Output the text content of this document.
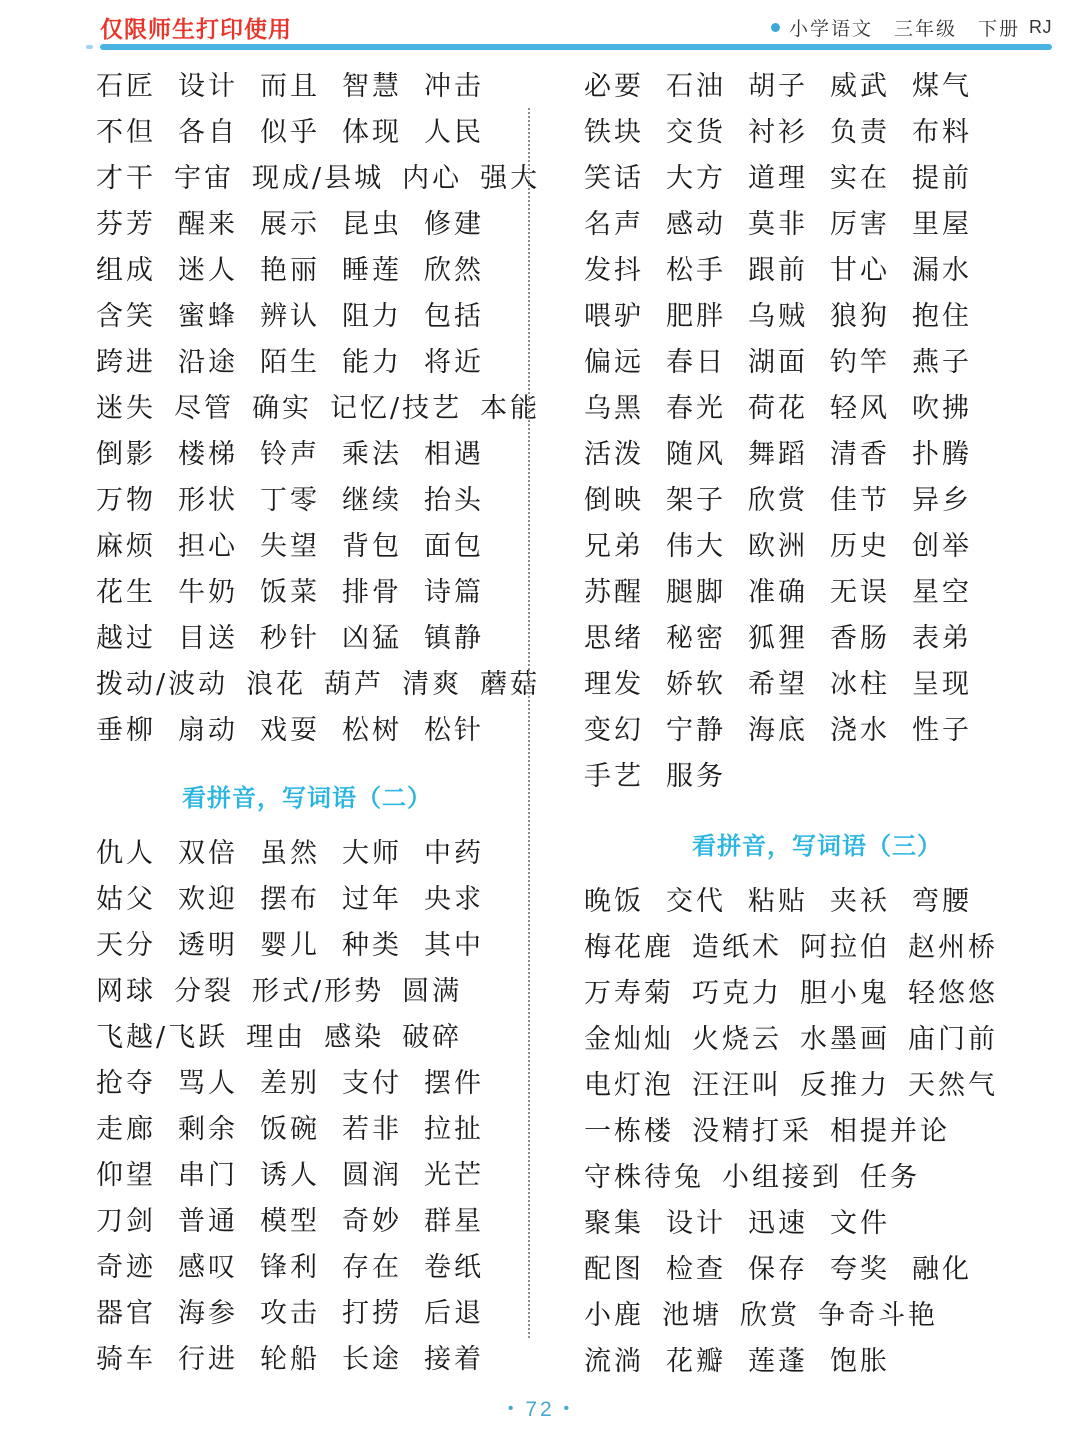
仅限师生打印使用	小学语文　三年级　下册 RJ
石匠 设计 而且 智慧 冲击
不但 各自 似乎 体现 人民
才干 宇宙 现成/县城 内心 强大
芬芳 醒来 展示 昆虫 修建
组成 迷人 艳丽 睡莲 欣然
含笑 蜜蜂 辨认 阻力 包括
跨进 沿途 陌生 能力 将近
迷失 尽管 确实 记忆/技艺 本能
倒影 楼梯 铃声 乘法 相遇
万物 形状 丁零 继续 抬头
麻烦 担心 失望 背包 面包
花生 牛奶 饭菜 排骨 诗篇
越过 目送 秒针 凶猛 镇静
拨动/波动 浪花 葫芦 清爽 蘑菇
垂柳 扇动 戏耍 松树 松针
看拼音，写词语（二）
仇人 双倍 虽然 大师 中药
姑父 欢迎 摆布 过年 央求
天分 透明 婴儿 种类 其中
网球 分裂 形式/形势 圆满
飞越/飞跃 理由 感染 破碎
抢夺 骂人 差别 支付 摆件
走廊 剩余 饭碗 若非 拉扯
仰望 串门 诱人 圆润 光芒
刀剑 普通 模型 奇妙 群星
奇迹 感叹 锋利 存在 卷纸
器官 海参 攻击 打捞 后退
骑车 行进 轮船 长途 接着
必要 石油 胡子 威武 煤气
铁块 交货 衬衫 负责 布料
笑话 大方 道理 实在 提前
名声 感动 莫非 厉害 里屋
发抖 松手 跟前 甘心 漏水
喂驴 肥胖 乌贼 狼狗 抱住
偏远 春日 湖面 钓竿 燕子
乌黑 春光 荷花 轻风 吹拂
活泼 随风 舞蹈 清香 扑腾
倒映 架子 欣赏 佳节 异乡
兄弟 伟大 欧洲 历史 创举
苏醒 腿脚 准确 无误 星空
思绪 秘密 狐狸 香肠 表弟
理发 娇软 希望 冰柱 呈现
变幻 宁静 海底 浇水 性子
手艺 服务
看拼音，写词语（三）
晚饭 交代 粘贴 夹袄 弯腰
梅花鹿 造纸术 阿拉伯 赵州桥
万寿菊 巧克力 胆小鬼 轻悠悠
金灿灿 火烧云 水墨画 庙门前
电灯泡 汪汪叫 反推力 天然气
一栋楼 没精打采 相提并论
守株待兔 小组接到 任务
聚集 设计 迅速 文件
配图 检查 保存 夸奖 融化
小鹿 池塘 欣赏 争奇斗艳
流淌 花瓣 莲蓬 饱胀
• 72 •
